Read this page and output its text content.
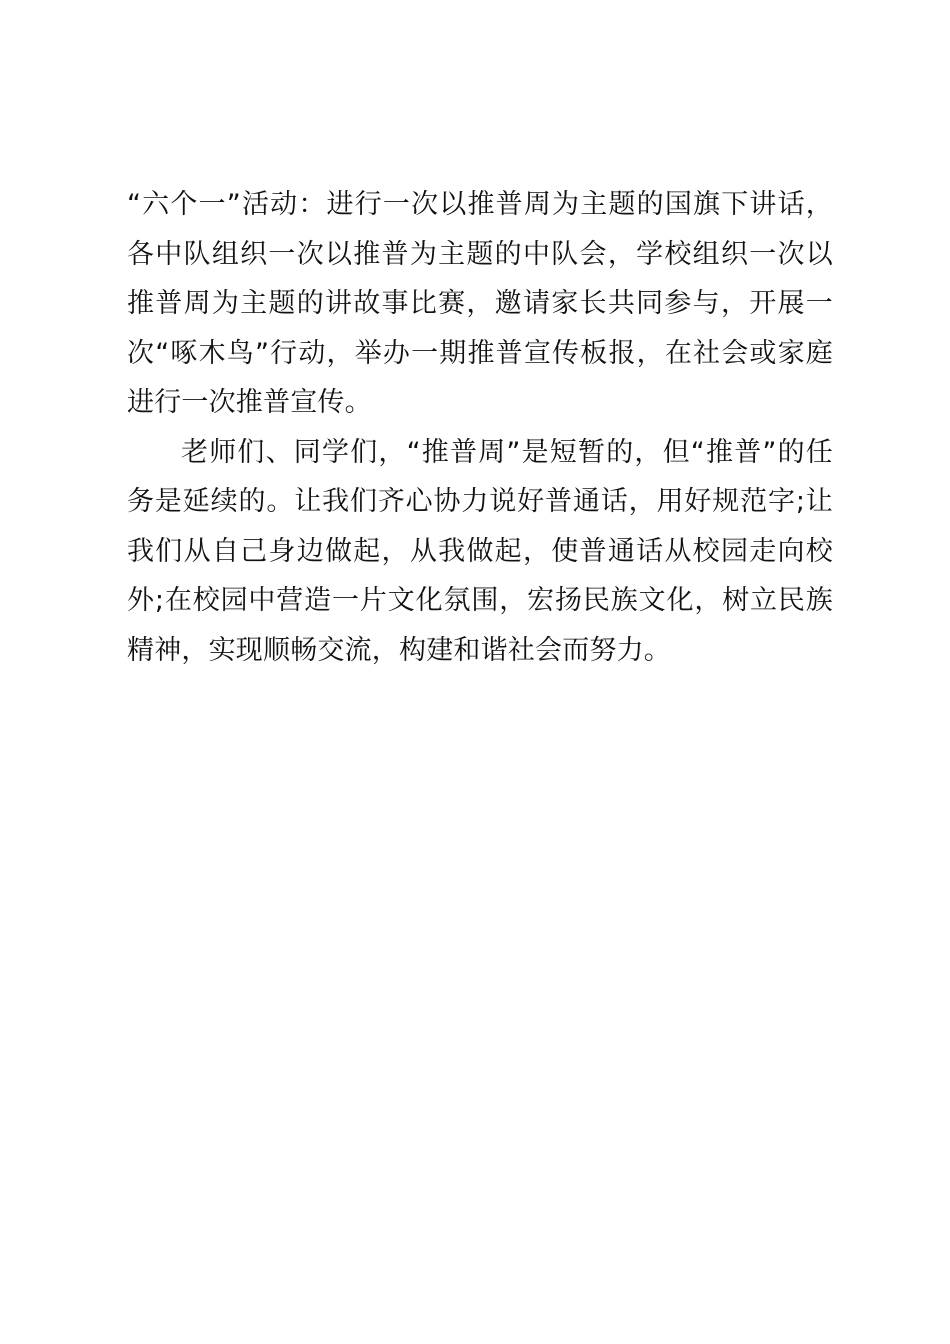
“六个一”活动：进行一次以推普周为主题的国旗下讲话，各中队组织一次以推普为主题的中队会，学校组织一次以推普周为主题的讲故事比赛，邀请家长共同参与，开展一次“啄木鸟”行动，举办一期推普宣传板报，在社会或家庭进行一次推普宣传。

老师们、同学们，“推普周”是短暂的，但“推普”的任务是延续的。让我们齐心协力说好普通话，用好规范字;让我们从自己身边做起，从我做起，使普通话从校园走向校外;在校园中营造一片文化氛围，宏扬民族文化，树立民族精神，实现顺畅交流，构建和谐社会而努力。
